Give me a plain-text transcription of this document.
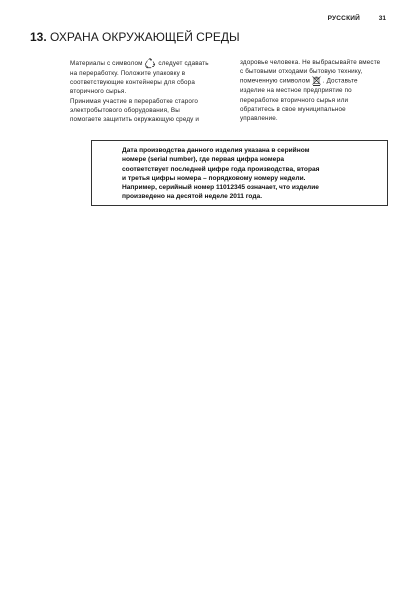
РУССКИЙ	31
13. ОХРАНА ОКРУЖАЮЩЕЙ СРЕДЫ

Материалы с символом	следует сдавать
на переработку. Положите упаковку в
соответствующие контейнеры для сбора
вторичного сырья.
Принимая участие в переработке старого
электробытового оборудования, Вы
помогаете защитить окружающую среду и

здоровье человека. Не выбрасывайте вместе
с бытовыми отходами бытовую технику,
помеченную символом . Доставьте
изделие на местное предприятие по
переработке вторичного сырья или
обратитесь в свое муниципальное
управление.

Дата производства данного изделия указана в серийном
номере (serial number), где первая цифра номера
соответствует последней цифре года производства, вторая
и третья цифры номера – порядковому номеру недели.
Например, серийный номер 11012345 означает, что изделие
произведено на десятой неделе 2011 года.
